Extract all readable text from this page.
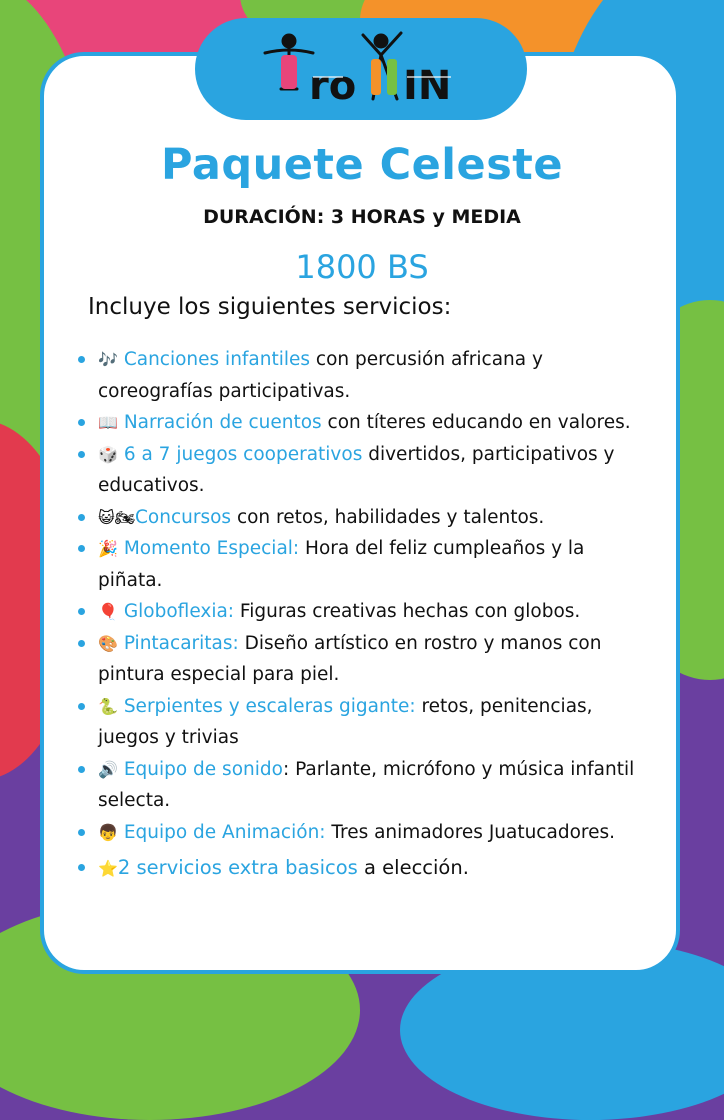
ro IN
Paquete Celeste
DURACIÓN: 3 HORAS y MEDIA
1800 BS
Incluye los siguientes servicios:
🎶 Canciones infantiles con percusión africana y coreografías participativas.
📖 Narración de cuentos con títeres educando en valores.
🎲 6 a 7 juegos cooperativos divertidos, participativos y educativos.
😺🏍Concursos con retos, habilidades y talentos.
🎉 Momento Especial: Hora del feliz cumpleaños y la piñata.
🎈 Globoflexia: Figuras creativas hechas con globos.
🎨 Pintacaritas: Diseño artístico en rostro y manos con pintura especial para piel.
🐍 Serpientes y escaleras gigante: retos, penitencias, juegos y trivias
🔊 Equipo de sonido: Parlante, micrófono y música infantil selecta.
👦 Equipo de Animación: Tres animadores Juatucadores.
⭐2 servicios extra basicos a elección.
